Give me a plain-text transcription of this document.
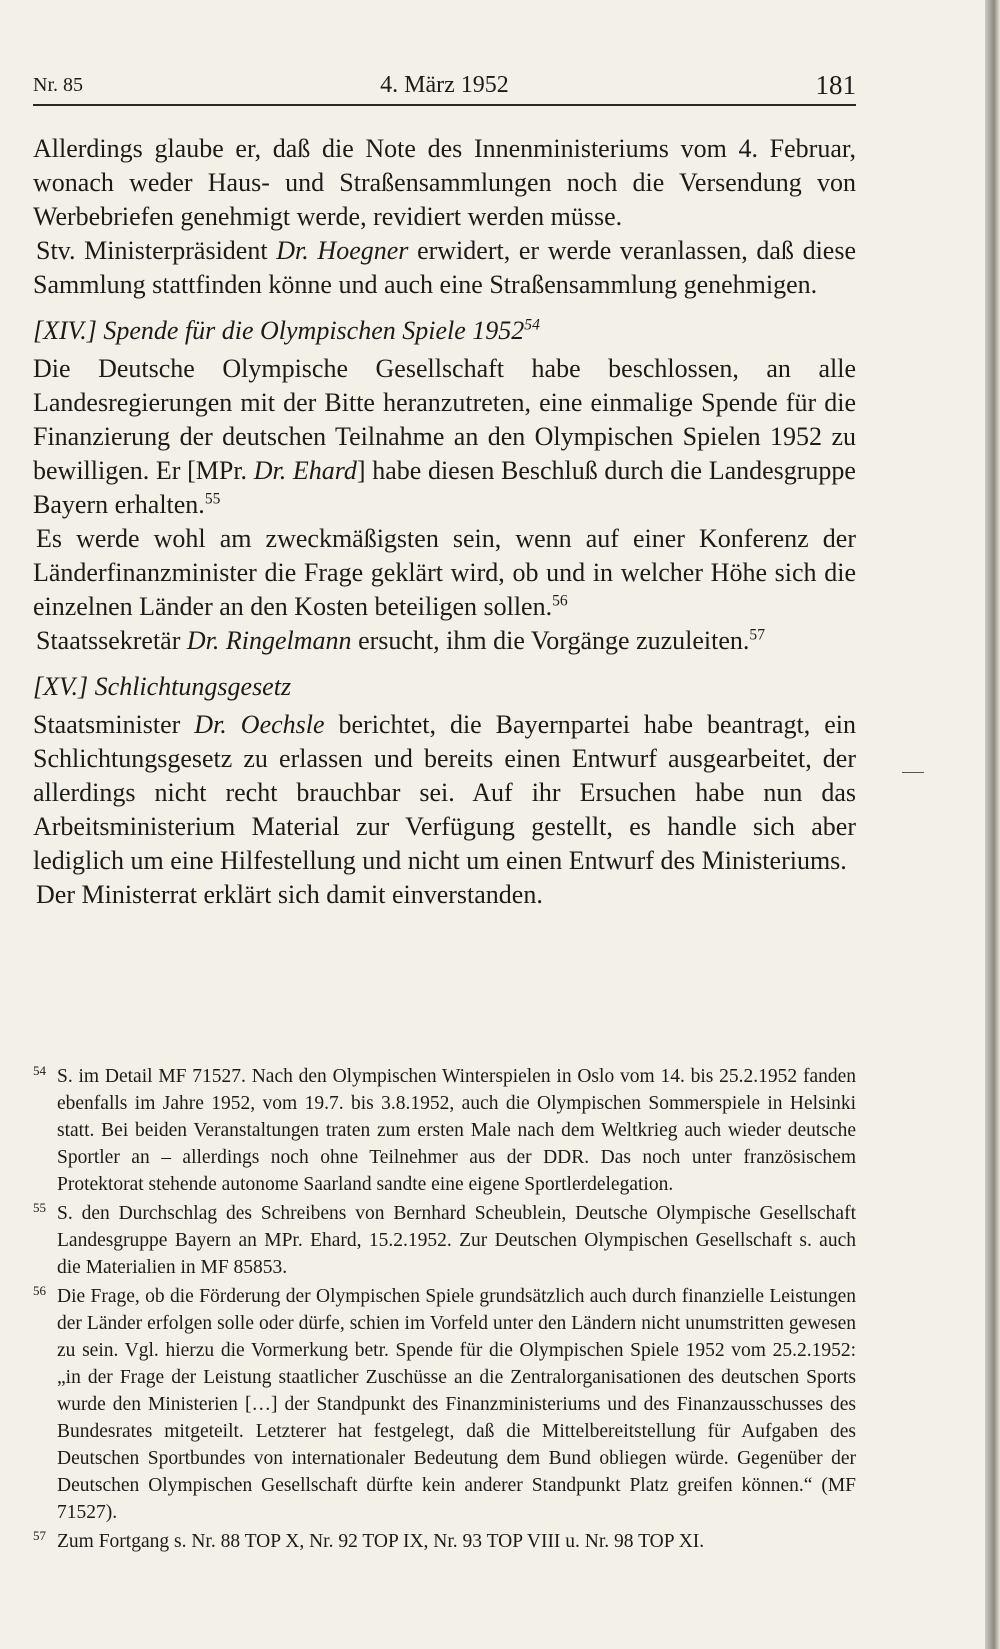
Nr. 85	4. März 1952	181

Allerdings glaube er, daß die Note des Innenministeriums vom 4. Februar, wonach weder Haus- und Straßensammlungen noch die Versendung von Werbebriefen genehmigt werde, revidiert werden müsse.

Stv. Ministerpräsident Dr. Hoegner erwidert, er werde veranlassen, daß diese Sammlung stattfinden könne und auch eine Straßensammlung genehmigen.

[XIV.] Spende für die Olympischen Spiele 1952$^{54}$

Die Deutsche Olympische Gesellschaft habe beschlossen, an alle Landesregierungen mit der Bitte heranzutreten, eine einmalige Spende für die Finanzierung der deutschen Teilnahme an den Olympischen Spielen 1952 zu bewilligen. Er [MPr. Dr. Ehard] habe diesen Beschluß durch die Landesgruppe Bayern erhalten.$^{55}$

Es werde wohl am zweckmäßigsten sein, wenn auf einer Konferenz der Länderfinanzminister die Frage geklärt wird, ob und in welcher Höhe sich die einzelnen Länder an den Kosten beteiligen sollen.$^{56}$

Staatssekretär Dr. Ringelmann ersucht, ihm die Vorgänge zuzuleiten.$^{57}$

[XV.] Schlichtungsgesetz

Staatsminister Dr. Oechsle berichtet, die Bayernpartei habe beantragt, ein Schlichtungsgesetz zu erlassen und bereits einen Entwurf ausgearbeitet, der allerdings nicht recht brauchbar sei. Auf ihr Ersuchen habe nun das Arbeitsministerium Material zur Verfügung gestellt, es handle sich aber lediglich um eine Hilfestellung und nicht um einen Entwurf des Ministeriums.

Der Ministerrat erklärt sich damit einverstanden.

54 S. im Detail MF 71527. Nach den Olympischen Winterspielen in Oslo vom 14. bis 25.2.1952 fanden ebenfalls im Jahre 1952, vom 19.7. bis 3.8.1952, auch die Olympischen Sommerspiele in Helsinki statt. Bei beiden Veranstaltungen traten zum ersten Male nach dem Weltkrieg auch wieder deutsche Sportler an – allerdings noch ohne Teilnehmer aus der DDR. Das noch unter französischem Protektorat stehende autonome Saarland sandte eine eigene Sportlerdelegation.

55 S. den Durchschlag des Schreibens von Bernhard Scheublein, Deutsche Olympische Gesellschaft Landesgruppe Bayern an MPr. Ehard, 15.2.1952. Zur Deutschen Olympischen Gesellschaft s. auch die Materialien in MF 85853.

56 Die Frage, ob die Förderung der Olympischen Spiele grundsätzlich auch durch finanzielle Leistungen der Länder erfolgen solle oder dürfe, schien im Vorfeld unter den Ländern nicht unumstritten gewesen zu sein. Vgl. hierzu die Vormerkung betr. Spende für die Olympischen Spiele 1952 vom 25.2.1952: „in der Frage der Leistung staatlicher Zuschüsse an die Zentralorganisationen des deutschen Sports wurde den Ministerien […] der Standpunkt des Finanzministeriums und des Finanzausschusses des Bundesrates mitgeteilt. Letzterer hat festgelegt, daß die Mittelbereitstellung für Aufgaben des Deutschen Sportbundes von internationaler Bedeutung dem Bund obliegen würde. Gegenüber der Deutschen Olympischen Gesellschaft dürfte kein anderer Standpunkt Platz greifen können.“ (MF 71527).

57 Zum Fortgang s. Nr. 88 TOP X, Nr. 92 TOP IX, Nr. 93 TOP VIII u. Nr. 98 TOP XI.
